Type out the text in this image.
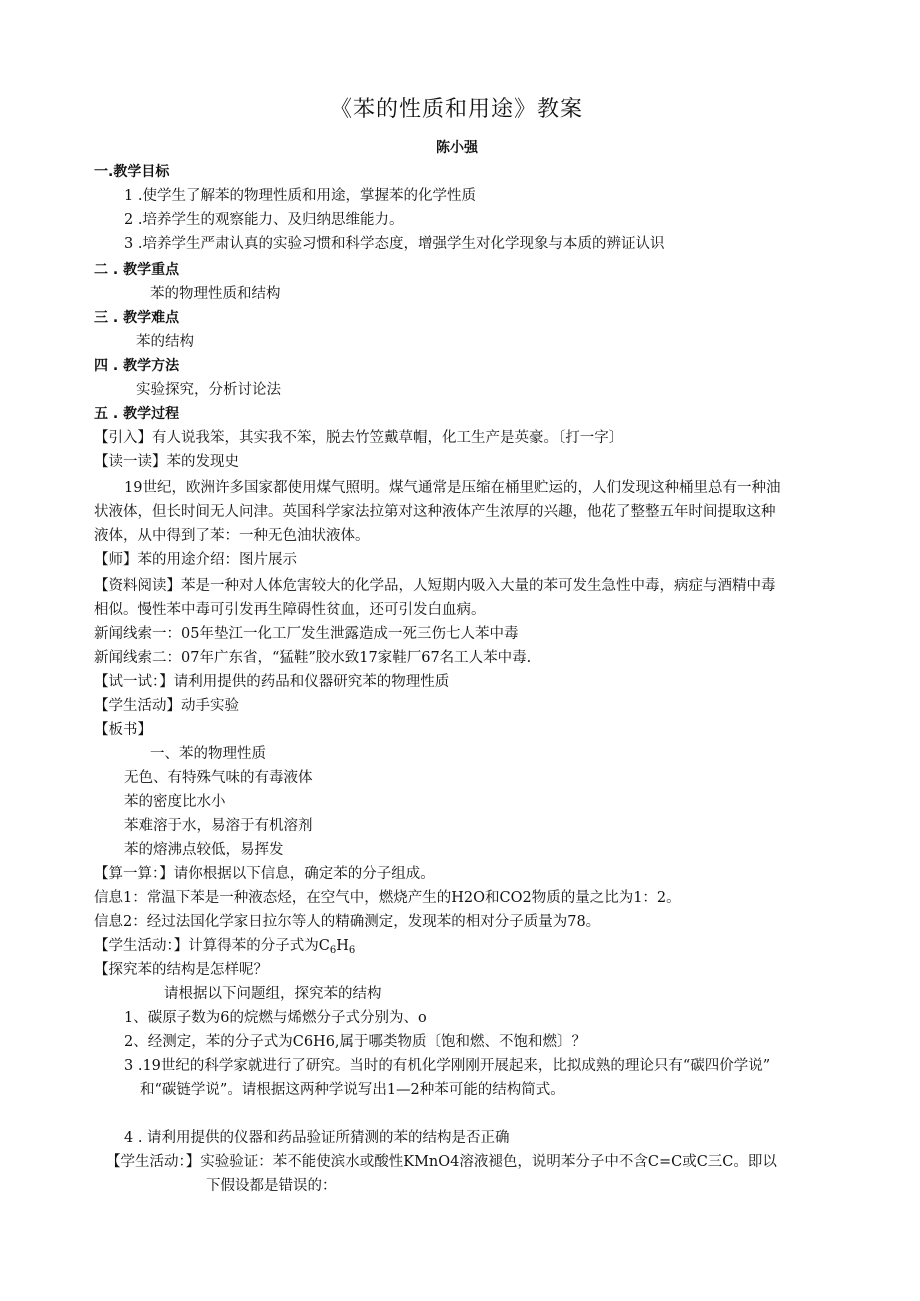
《苯的性质和用途》教案
陈小强
一.教学目标
1 .使学生了解苯的物理性质和用途，掌握苯的化学性质
2 .培养学生的观察能力、及归纳思维能力。
3 .培养学生严肃认真的实验习惯和科学态度，增强学生对化学现象与本质的辨证认识
二 . 教学重点
苯的物理性质和结构
三 . 教学难点
苯的结构
四 . 教学方法
实验探究，分析讨论法
五 . 教学过程
【引入】有人说我笨，其实我不笨，脱去竹笠戴草帽，化工生产是英豪。〔打一字〕
【读一读】苯的发现史
19世纪，欧洲许多国家都使用煤气照明。煤气通常是压缩在桶里贮运的，人们发现这种桶里总有一种油
状液体，但长时间无人问津。英国科学家法拉第对这种液体产生浓厚的兴趣，他花了整整五年时间提取这种
液体，从中得到了苯：一种无色油状液体。
【师】苯的用途介绍：图片展示
【资料阅读】苯是一种对人体危害较大的化学品，人短期内吸入大量的苯可发生急性中毒，病症与酒精中毒
相似。慢性苯中毒可引发再生障碍性贫血，还可引发白血病。
新闻线索一：05年垫江一化工厂发生泄露造成一死三伤七人苯中毒
新闻线索二：07年广东省，“猛鞋”胶水致17家鞋厂67名工人苯中毒.
【试一试：】请利用提供的药品和仪器研究苯的物理性质
【学生活动】动手实验
【板书】
一、苯的物理性质
无色、有特殊气味的有毒液体
苯的密度比水小
苯难溶于水，易溶于有机溶剂
苯的熔沸点较低，易挥发
【算一算：】请你根据以下信息，确定苯的分子组成。
信息1：常温下苯是一种液态烃，在空气中，燃烧产生的H2O和CO2物质的量之比为1：2。
信息2：经过法国化学家日拉尔等人的精确测定，发现苯的相对分子质量为78。
【学生活动：】计算得苯的分子式为$C_6H_6$
【探究苯的结构是怎样呢？
请根据以下问题组，探究苯的结构
1、碳原子数为6的烷燃与烯燃分子式分别为、o
2、经测定，苯的分子式为C6H6,属于哪类物质〔饱和燃、不饱和燃〕？
3 .19世纪的科学家就进行了研究。当时的有机化学刚刚开展起来，比拟成熟的理论只有“碳四价学说”
和“碳链学说”。请根据这两种学说写出1—2种苯可能的结构简式。
4 . 请利用提供的仪器和药品验证所猜测的苯的结构是否正确
【学生活动：】实验验证：苯不能使滨水或酸性KMnO4溶液褪色，说明苯分子中不含C=C或C三C。即以
下假设都是错误的：
